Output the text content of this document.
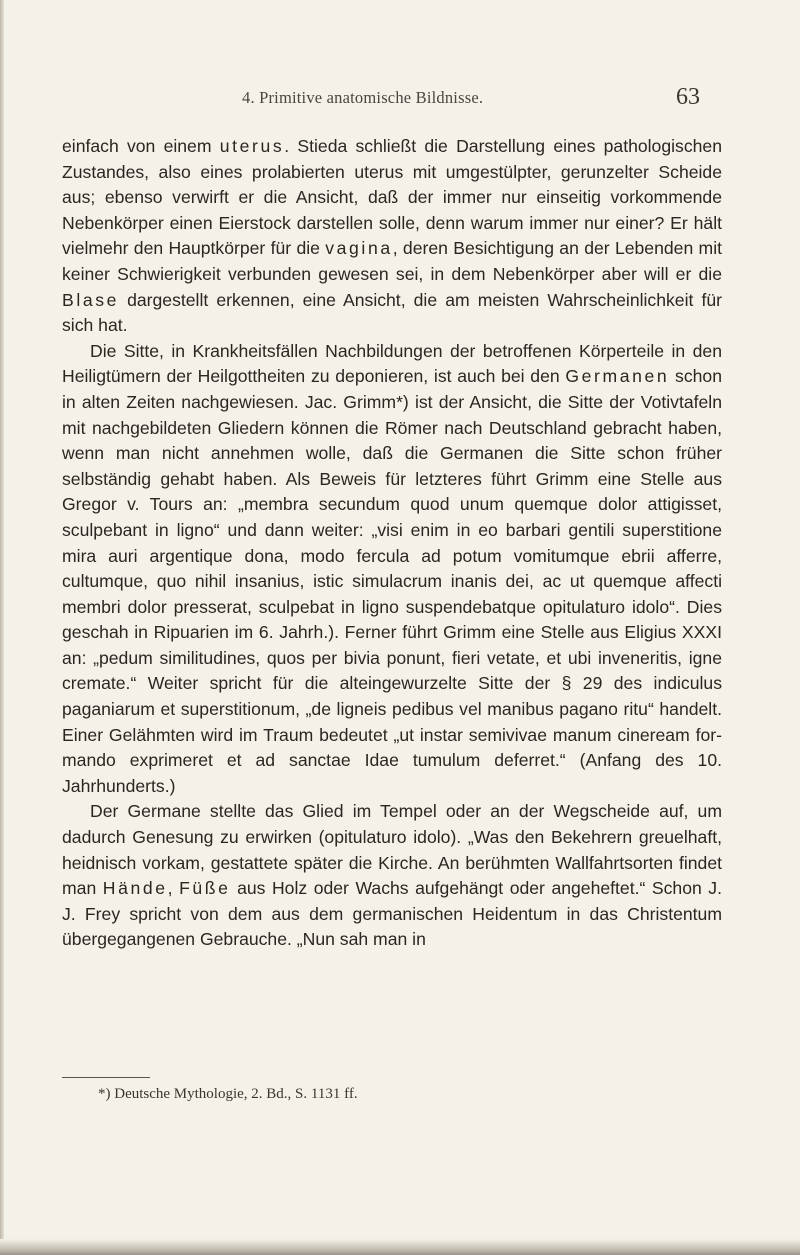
4. Primitive anatomische Bildnisse.	63

einfach von einem uterus. Stieda schließt die Darstellung eines pathologischen Zustandes, also eines prolabierten uterus mit umgestülpter, gerunzelter Scheide aus; ebenso verwirft er die Ansicht, daß der immer nur einseitig vorkommende Nebenkörper einen Eierstock darstellen solle, denn warum immer nur einer? Er hält vielmehr den Hauptkörper für die vagina, deren Besichtigung an der Lebenden mit keiner Schwierigkeit verbunden gewesen sei, in dem Nebenkörper aber will er die Blase dargestellt erkennen, eine Ansicht, die am meisten Wahrscheinlichkeit für sich hat.

Die Sitte, in Krankheitsfällen Nachbildungen der betroffenen Körperteile in den Heiligtümern der Heilgottheiten zu deponieren, ist auch bei den Germanen schon in alten Zeiten nachgewiesen. Jac. Grimm*) ist der Ansicht, die Sitte der Votivtafeln mit nachgebildeten Gliedern können die Römer nach Deutschland gebracht haben, wenn man nicht annehmen wolle, daß die Germanen die Sitte schon früher selbständig gehabt haben. Als Beweis für letzteres führt Grimm eine Stelle aus Gregor v. Tours an: „membra secundum quod unum quemque dolor attigisset, sculpebant in ligno“ und dann weiter: „visi enim in eo barbari gentili superstitione mira auri argentique dona, modo fercula ad potum vomitumque ebrii afferre, cultumque, quo nihil insanius, istic simulacrum inanis dei, ac ut quemque affecti membri dolor presserat, sculpebat in ligno suspendebatque opitulaturo idolo“. Dies geschah in Ripuarien im 6. Jahrh.). Ferner führt Grimm eine Stelle aus Eligius XXXI an: „pedum similitudines, quos per bivia ponunt, fieri vetate, et ubi inveneritis, igne cremate.“ Weiter spricht für die alteingewurzelte Sitte der § 29 des indiculus paganiarum et superstitionum, „de ligneis pedibus vel manibus pagano ritu“ handelt. Einer Gelähmten wird im Traum bedeutet „ut instar semivivae manum cineream formando exprimeret et ad sanctae Idae tumulum deferret.“ (Anfang des 10. Jahrhunderts.)

Der Germane stellte das Glied im Tempel oder an der Wegscheide auf, um dadurch Genesung zu erwirken (opitulaturo idolo). „Was den Bekehrern greuelhaft, heidnisch vorkam, gestattete später die Kirche. An berühmten Wallfahrtsorten findet man Hände, Füße aus Holz oder Wachs aufgehängt oder angeheftet.“ Schon J. J. Frey spricht von dem aus dem germanischen Heidentum in das Christentum übergegangenen Gebrauche. „Nun sah man in

*) Deutsche Mythologie, 2. Bd., S. 1131 ff.
